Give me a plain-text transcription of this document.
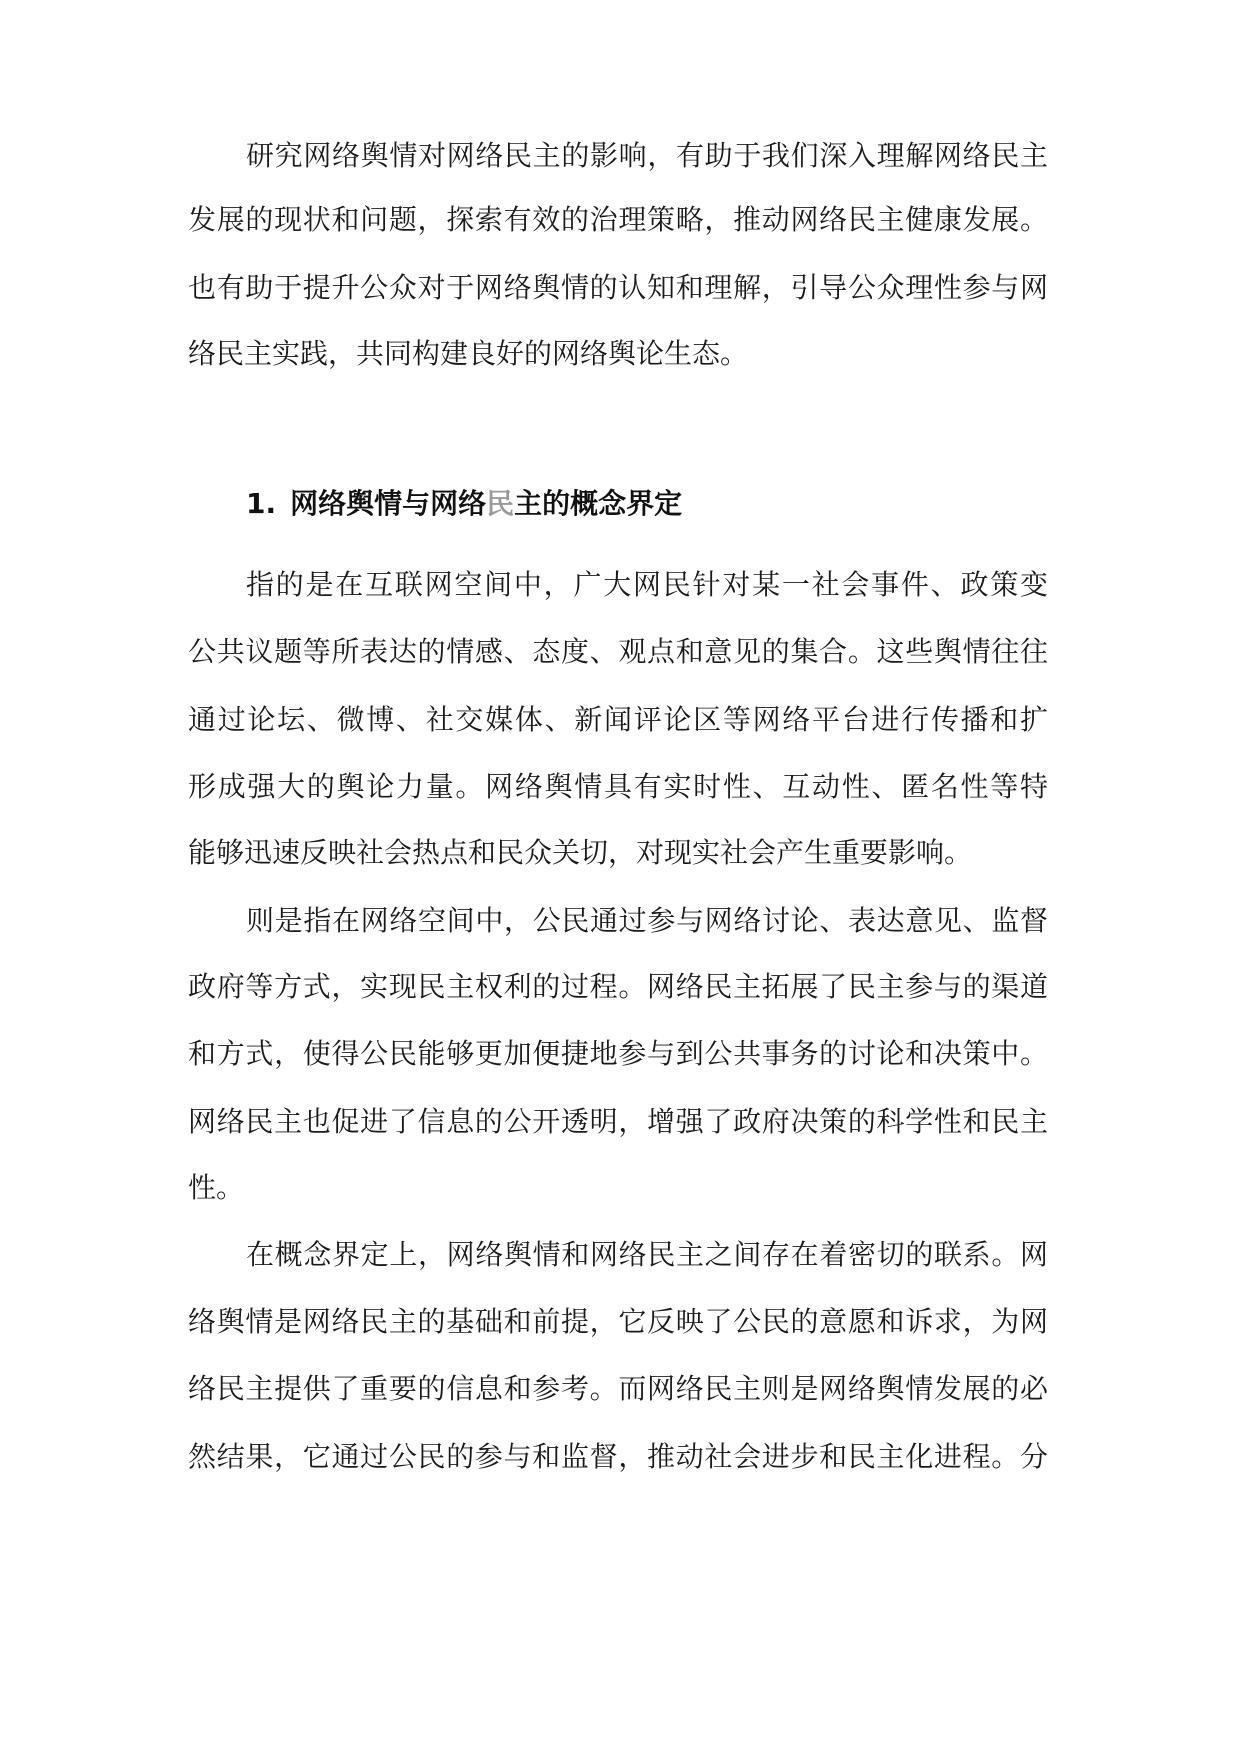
研究网络舆情对网络民主的影响，有助于我们深入理解网络民主
发展的现状和问题，探索有效的治理策略，推动网络民主健康发展。
也有助于提升公众对于网络舆情的认知和理解，引导公众理性参与网
络民主实践，共同构建良好的网络舆论生态。
1. 网络舆情与网络民主的概念界定
指的是在互联网空间中，广大网民针对某一社会事件、政策变
公共议题等所表达的情感、态度、观点和意见的集合。这些舆情往往
通过论坛、微博、社交媒体、新闻评论区等网络平台进行传播和扩
形成强大的舆论力量。网络舆情具有实时性、互动性、匿名性等特
能够迅速反映社会热点和民众关切，对现实社会产生重要影响。
则是指在网络空间中，公民通过参与网络讨论、表达意见、监督
政府等方式，实现民主权利的过程。网络民主拓展了民主参与的渠道
和方式，使得公民能够更加便捷地参与到公共事务的讨论和决策中。
网络民主也促进了信息的公开透明，增强了政府决策的科学性和民主
性。
在概念界定上，网络舆情和网络民主之间存在着密切的联系。网
络舆情是网络民主的基础和前提，它反映了公民的意愿和诉求，为网
络民主提供了重要的信息和参考。而网络民主则是网络舆情发展的必
然结果，它通过公民的参与和监督，推动社会进步和民主化进程。分
